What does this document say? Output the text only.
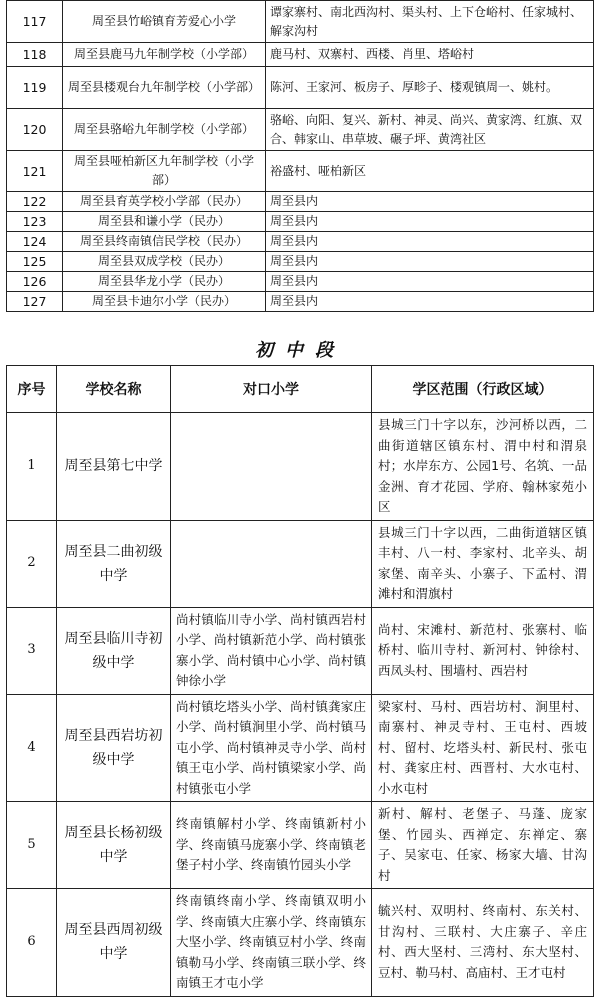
117	周至县竹峪镇育芳爱心小学	谭家寨村、南北西沟村、渠头村、上下仓峪村、任家城村、解家沟村
118	周至县鹿马九年制学校（小学部）	鹿马村、双寨村、西楼、肖里、塔峪村
119	周至县楼观台九年制学校（小学部）	陈河、王家河、板房子、厚畛子、楼观镇周一、姚村。
120	周至县骆峪九年制学校（小学部）	骆峪、向阳、复兴、新村、神灵、尚兴、黄家湾、红旗、双合、韩家山、串草坡、碾子坪、黄湾社区
121	周至县哑柏新区九年制学校（小学部）	裕盛村、哑柏新区
122	周至县育英学校小学部（民办）	周至县内
123	周至县和谦小学（民办）	周至县内
124	周至县终南镇信民学校（民办）	周至县内
125	周至县双成学校（民办）	周至县内
126	周至县华龙小学（民办）	周至县内
127	周至县卡迪尔小学（民办）	周至县内
初中段
序号	学校名称	对口小学	学区范围（行政区域）
1	周至县第七中学		县城三门十字以东，沙河桥以西，二曲街道辖区镇东村、渭中村和渭泉村；水岸东方、公园1号、名筑、一品金洲、育才花园、学府、翰林家苑小区
2	周至县二曲初级中学		县城三门十字以西，二曲街道辖区镇丰村、八一村、李家村、北辛头、胡家堡、南辛头、小寨子、下孟村、渭滩村和渭旗村
3	周至县临川寺初级中学	尚村镇临川寺小学、尚村镇西岩村小学、尚村镇新范小学、尚村镇张寨小学、尚村镇中心小学、尚村镇钟徐小学	尚村、宋滩村、新范村、张寨村、临桥村、临川寺村、新河村、钟徐村、西凤头村、围墙村、西岩村
4	周至县西岩坊初级中学	尚村镇圪塔头小学、尚村镇龚家庄小学、尚村镇涧里小学、尚村镇马屯小学、尚村镇神灵寺小学、尚村镇王屯小学、尚村镇梁家小学、尚村镇张屯小学	梁家村、马村、西岩坊村、涧里村、南寨村、神灵寺村、王屯村、西坡村、留村、圪塔头村、新民村、张屯村、龚家庄村、西晋村、大水屯村、小水屯村
5	周至县长杨初级中学	终南镇解村小学、终南镇新村小学、终南镇马庞寨小学、终南镇老堡子村小学、终南镇竹园头小学	新村、解村、老堡子、马蓬、庞家堡、竹园头、西禅定、东禅定、寨子、吴家屯、任家、杨家大墙、甘沟村
6	周至县西周初级中学	终南镇终南小学、终南镇双明小学、终南镇大庄寨小学、终南镇东大坚小学、终南镇豆村小学、终南镇勒马小学、终南镇三联小学、终南镇王才屯小学	毓兴村、双明村、终南村、东关村、甘沟村、三联村、大庄寨子、辛庄村、西大坚村、三湾村、东大坚村、豆村、勒马村、高庙村、王才屯村
